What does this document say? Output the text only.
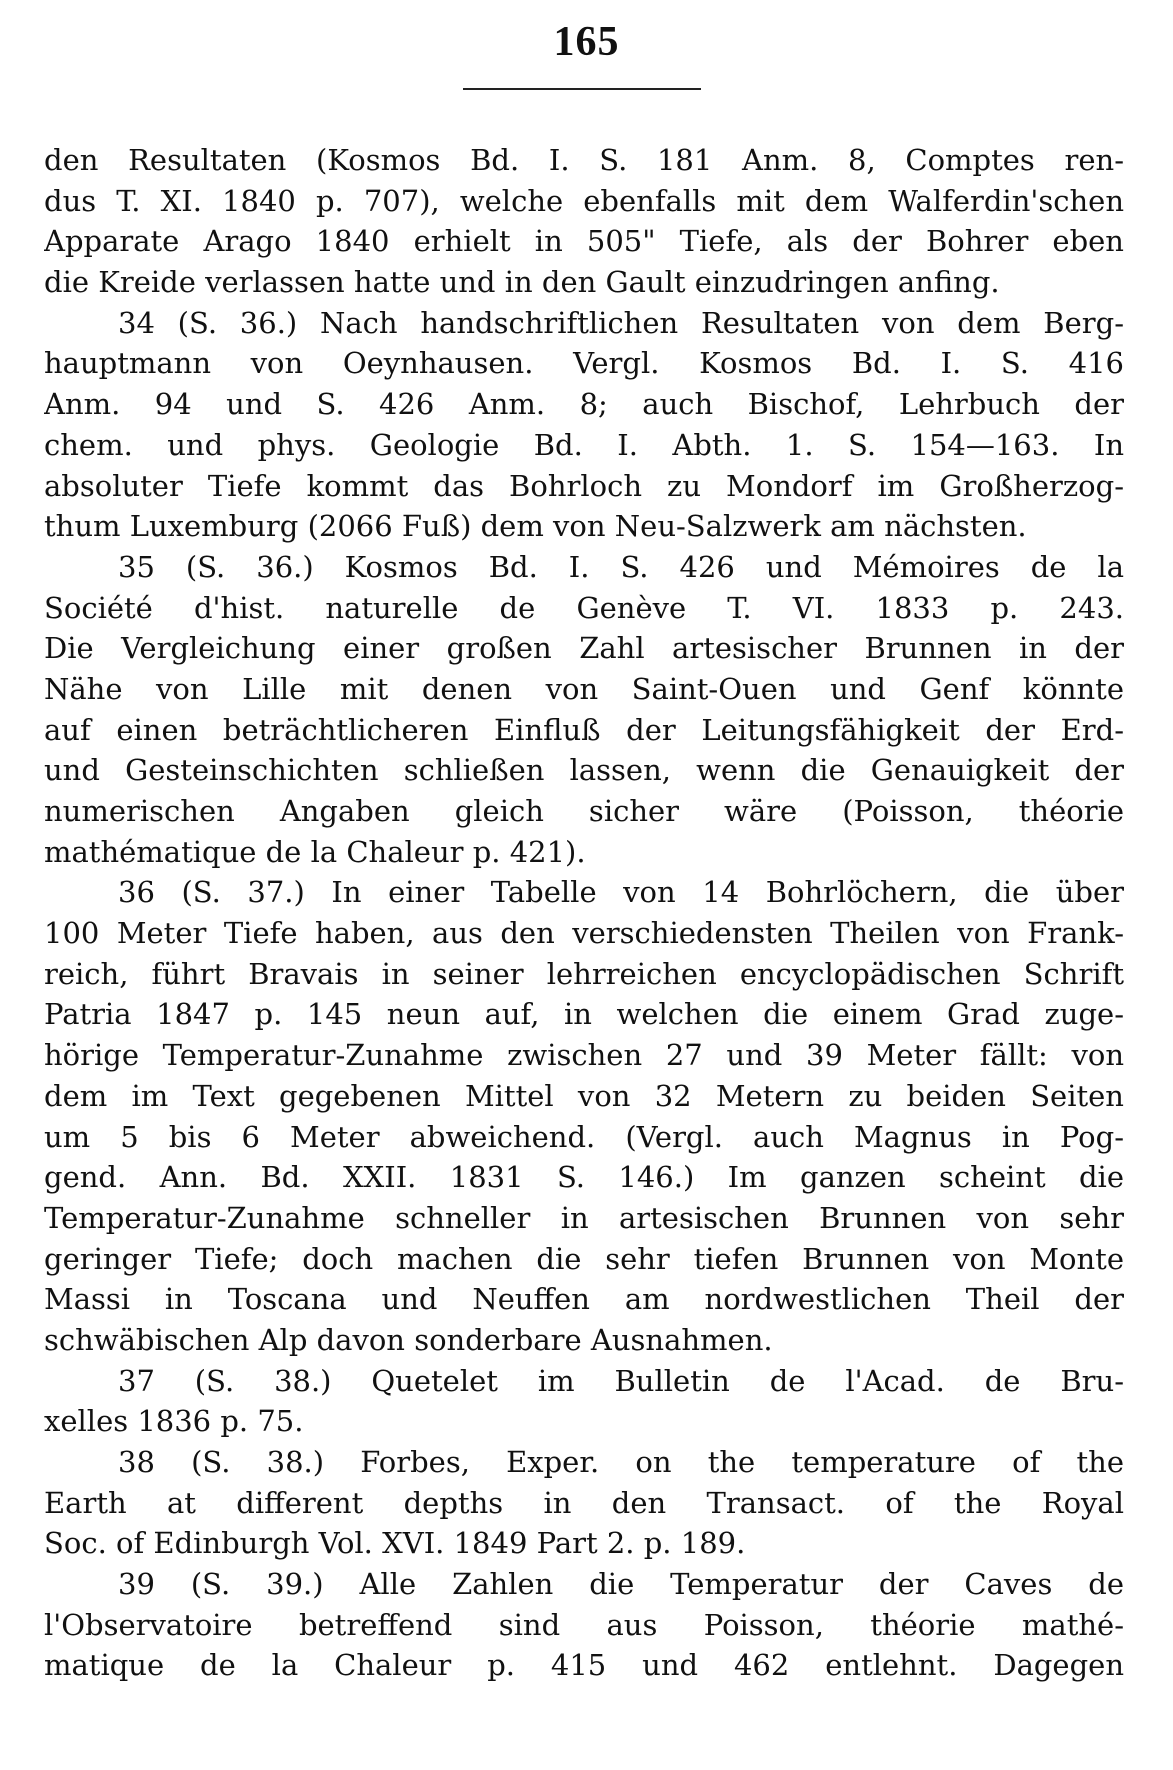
165
den Resultaten (Kosmos Bd. I. S. 181 Anm. 8, Comptes ren-
dus T. XI. 1840 p. 707), welche ebenfalls mit dem Walferdin'schen
Apparate Arago 1840 erhielt in 505" Tiefe, als der Bohrer eben
die Kreide verlassen hatte und in den Gault einzudringen anfing.
34 (S. 36.) Nach handschriftlichen Resultaten von dem Berg-
hauptmann von Oeynhausen. Vergl. Kosmos Bd. I. S. 416
Anm. 94 und S. 426 Anm. 8; auch Bischof, Lehrbuch der
chem. und phys. Geologie Bd. I. Abth. 1. S. 154—163. In
absoluter Tiefe kommt das Bohrloch zu Mondorf im Großherzog-
thum Luxemburg (2066 Fuß) dem von Neu-Salzwerk am nächsten.
35 (S. 36.) Kosmos Bd. I. S. 426 und Mémoires de la
Société d'hist. naturelle de Genève T. VI. 1833 p. 243.
Die Vergleichung einer großen Zahl artesischer Brunnen in der
Nähe von Lille mit denen von Saint-Ouen und Genf könnte
auf einen beträchtlicheren Einfluß der Leitungsfähigkeit der Erd-
und Gesteinschichten schließen lassen, wenn die Genauigkeit der
numerischen Angaben gleich sicher wäre (Poisson, théorie
mathématique de la Chaleur p. 421).
36 (S. 37.) In einer Tabelle von 14 Bohrlöchern, die über
100 Meter Tiefe haben, aus den verschiedensten Theilen von Frank-
reich, führt Bravais in seiner lehrreichen encyclopädischen Schrift
Patria 1847 p. 145 neun auf, in welchen die einem Grad zuge-
hörige Temperatur-Zunahme zwischen 27 und 39 Meter fällt: von
dem im Text gegebenen Mittel von 32 Metern zu beiden Seiten
um 5 bis 6 Meter abweichend. (Vergl. auch Magnus in Pog-
gend. Ann. Bd. XXII. 1831 S. 146.) Im ganzen scheint die
Temperatur-Zunahme schneller in artesischen Brunnen von sehr
geringer Tiefe; doch machen die sehr tiefen Brunnen von Monte
Massi in Toscana und Neuffen am nordwestlichen Theil der
schwäbischen Alp davon sonderbare Ausnahmen.
37 (S. 38.) Quetelet im Bulletin de l'Acad. de Bru-
xelles 1836 p. 75.
38 (S. 38.) Forbes, Exper. on the temperature of the
Earth at different depths in den Transact. of the Royal
Soc. of Edinburgh Vol. XVI. 1849 Part 2. p. 189.
39 (S. 39.) Alle Zahlen die Temperatur der Caves de
l'Observatoire betreffend sind aus Poisson, théorie mathé-
matique de la Chaleur p. 415 und 462 entlehnt. Dagegen
